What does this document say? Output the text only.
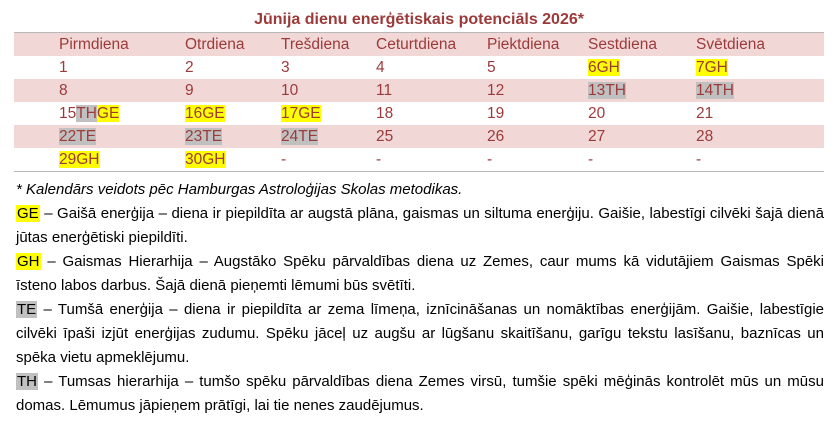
Jūnija dienu enerģētiskais potenciāls 2026*						
Pirmdiena	Otrdiena	Trešdiena	Ceturtdiena	Piektdiena	Sestdiena	Svētdiena
1	2	3	4	5	6GH	7GH
8	9	10	11	12	13TH	14TH
15THGE	16GE	17GE	18	19	20	21
22TE	23TE	24TE	25	26	27	28
29GH	30GH	-	-	-	-	-
* Kalendārs veidots pēc Hamburgas Astroloģijas Skolas metodikas.

GE – Gaišā enerģija – diena ir piepildīta ar augstā plāna, gaismas un siltuma enerģiju. Gaišie, labestīgi cilvēki šajā dienā jūtas enerģētiski piepildīti.

GH – Gaismas Hierarhija – Augstāko Spēku pārvaldības diena uz Zemes, caur mums kā vidutājiem Gaismas Spēki īsteno labos darbus. Šajā dienā pieņemti lēmumi būs svētīti.

TE – Tumšā enerģija – diena ir piepildīta ar zema līmeņa, iznīcināšanas un nomāktības enerģijām. Gaišie, labestīgie cilvēki īpaši izjūt enerģijas zudumu. Spēku jāceļ uz augšu ar lūgšanu skaitīšanu, garīgu tekstu lasīšanu, baznīcas un spēka vietu apmeklējumu.

TH – Tumsas hierarhija – tumšo spēku pārvaldības diena Zemes virsū, tumšie spēki mēģinās kontrolēt mūs un mūsu domas. Lēmumus jāpieņem prātīgi, lai tie nenes zaudējumus.
